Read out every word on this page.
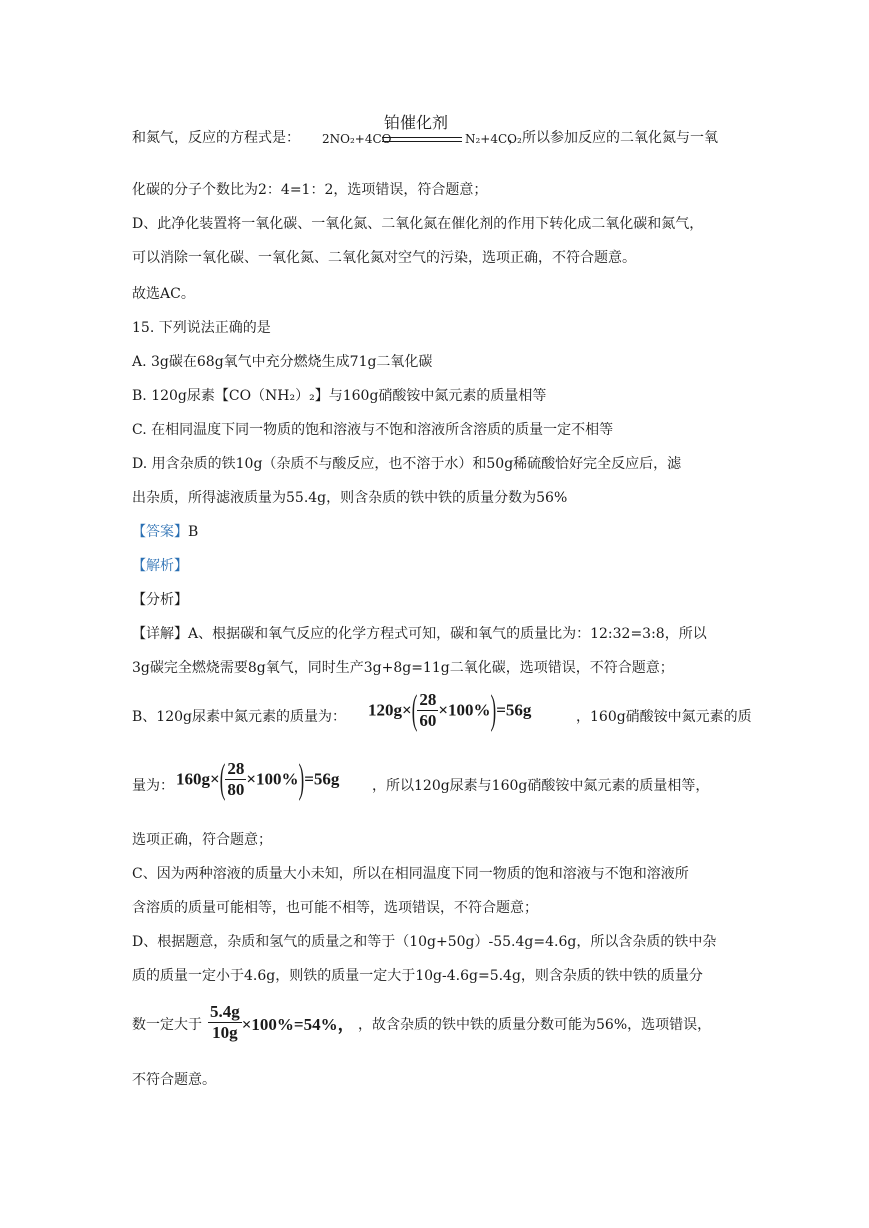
和氮气，反应的方程式是： 2NO₂+4CO
铂催化剂
N₂+4CO₂
，所以参加反应的二氧化氮与一氧
化碳的分子个数比为2：4=1：2，选项错误，符合题意；
D、此净化装置将一氧化碳、一氧化氮、二氧化氮在催化剂的作用下转化成二氧化碳和氮气，
可以消除一氧化碳、一氧化氮、二氧化氮对空气的污染，选项正确，不符合题意。
故选AC。
15. 下列说法正确的是
A. 3g碳在68g氧气中充分燃烧生成71g二氧化碳
B. 120g尿素【CO（NH₂）₂】与160g硝酸铵中氮元素的质量相等
C. 在相同温度下同一物质的饱和溶液与不饱和溶液所含溶质的质量一定不相等
D. 用含杂质的铁10g（杂质不与酸反应，也不溶于水）和50g稀硫酸恰好完全反应后，滤
出杂质，所得滤液质量为55.4g，则含杂质的铁中铁的质量分数为56%
【答案】B
【解析】
【分析】
【详解】A、根据碳和氧气反应的化学方程式可知，碳和氧气的质量比为：12:32=3:8，所以
3g碳完全燃烧需要8g氧气，同时生产3g+8g=11g二氧化碳，选项错误，不符合题意；
B、120g尿素中氮元素的质量为： $120g\times( \frac{28}{60} \times 100\%)=56g$	，160g硝酸铵中氮元素的质
量为： $160g\times( \frac{28}{80} \times 100\%)=56g$ ，所以120g尿素与160g硝酸铵中氮元素的质量相等，
选项正确，符合题意；
C、因为两种溶液的质量大小未知，所以在相同温度下同一物质的饱和溶液与不饱和溶液所
含溶质的质量可能相等，也可能不相等，选项错误，不符合题意；
D、根据题意，杂质和氢气的质量之和等于（10g+50g）-55.4g=4.6g，所以含杂质的铁中杂
质的质量一定小于4.6g，则铁的质量一定大于10g-4.6g=5.4g，则含杂质的铁中铁的质量分
数一定大于 $\frac{5.4g}{10g} \times 100\%=54\%$， ，故含杂质的铁中铁的质量分数可能为56%，选项错误，
不符合题意。
